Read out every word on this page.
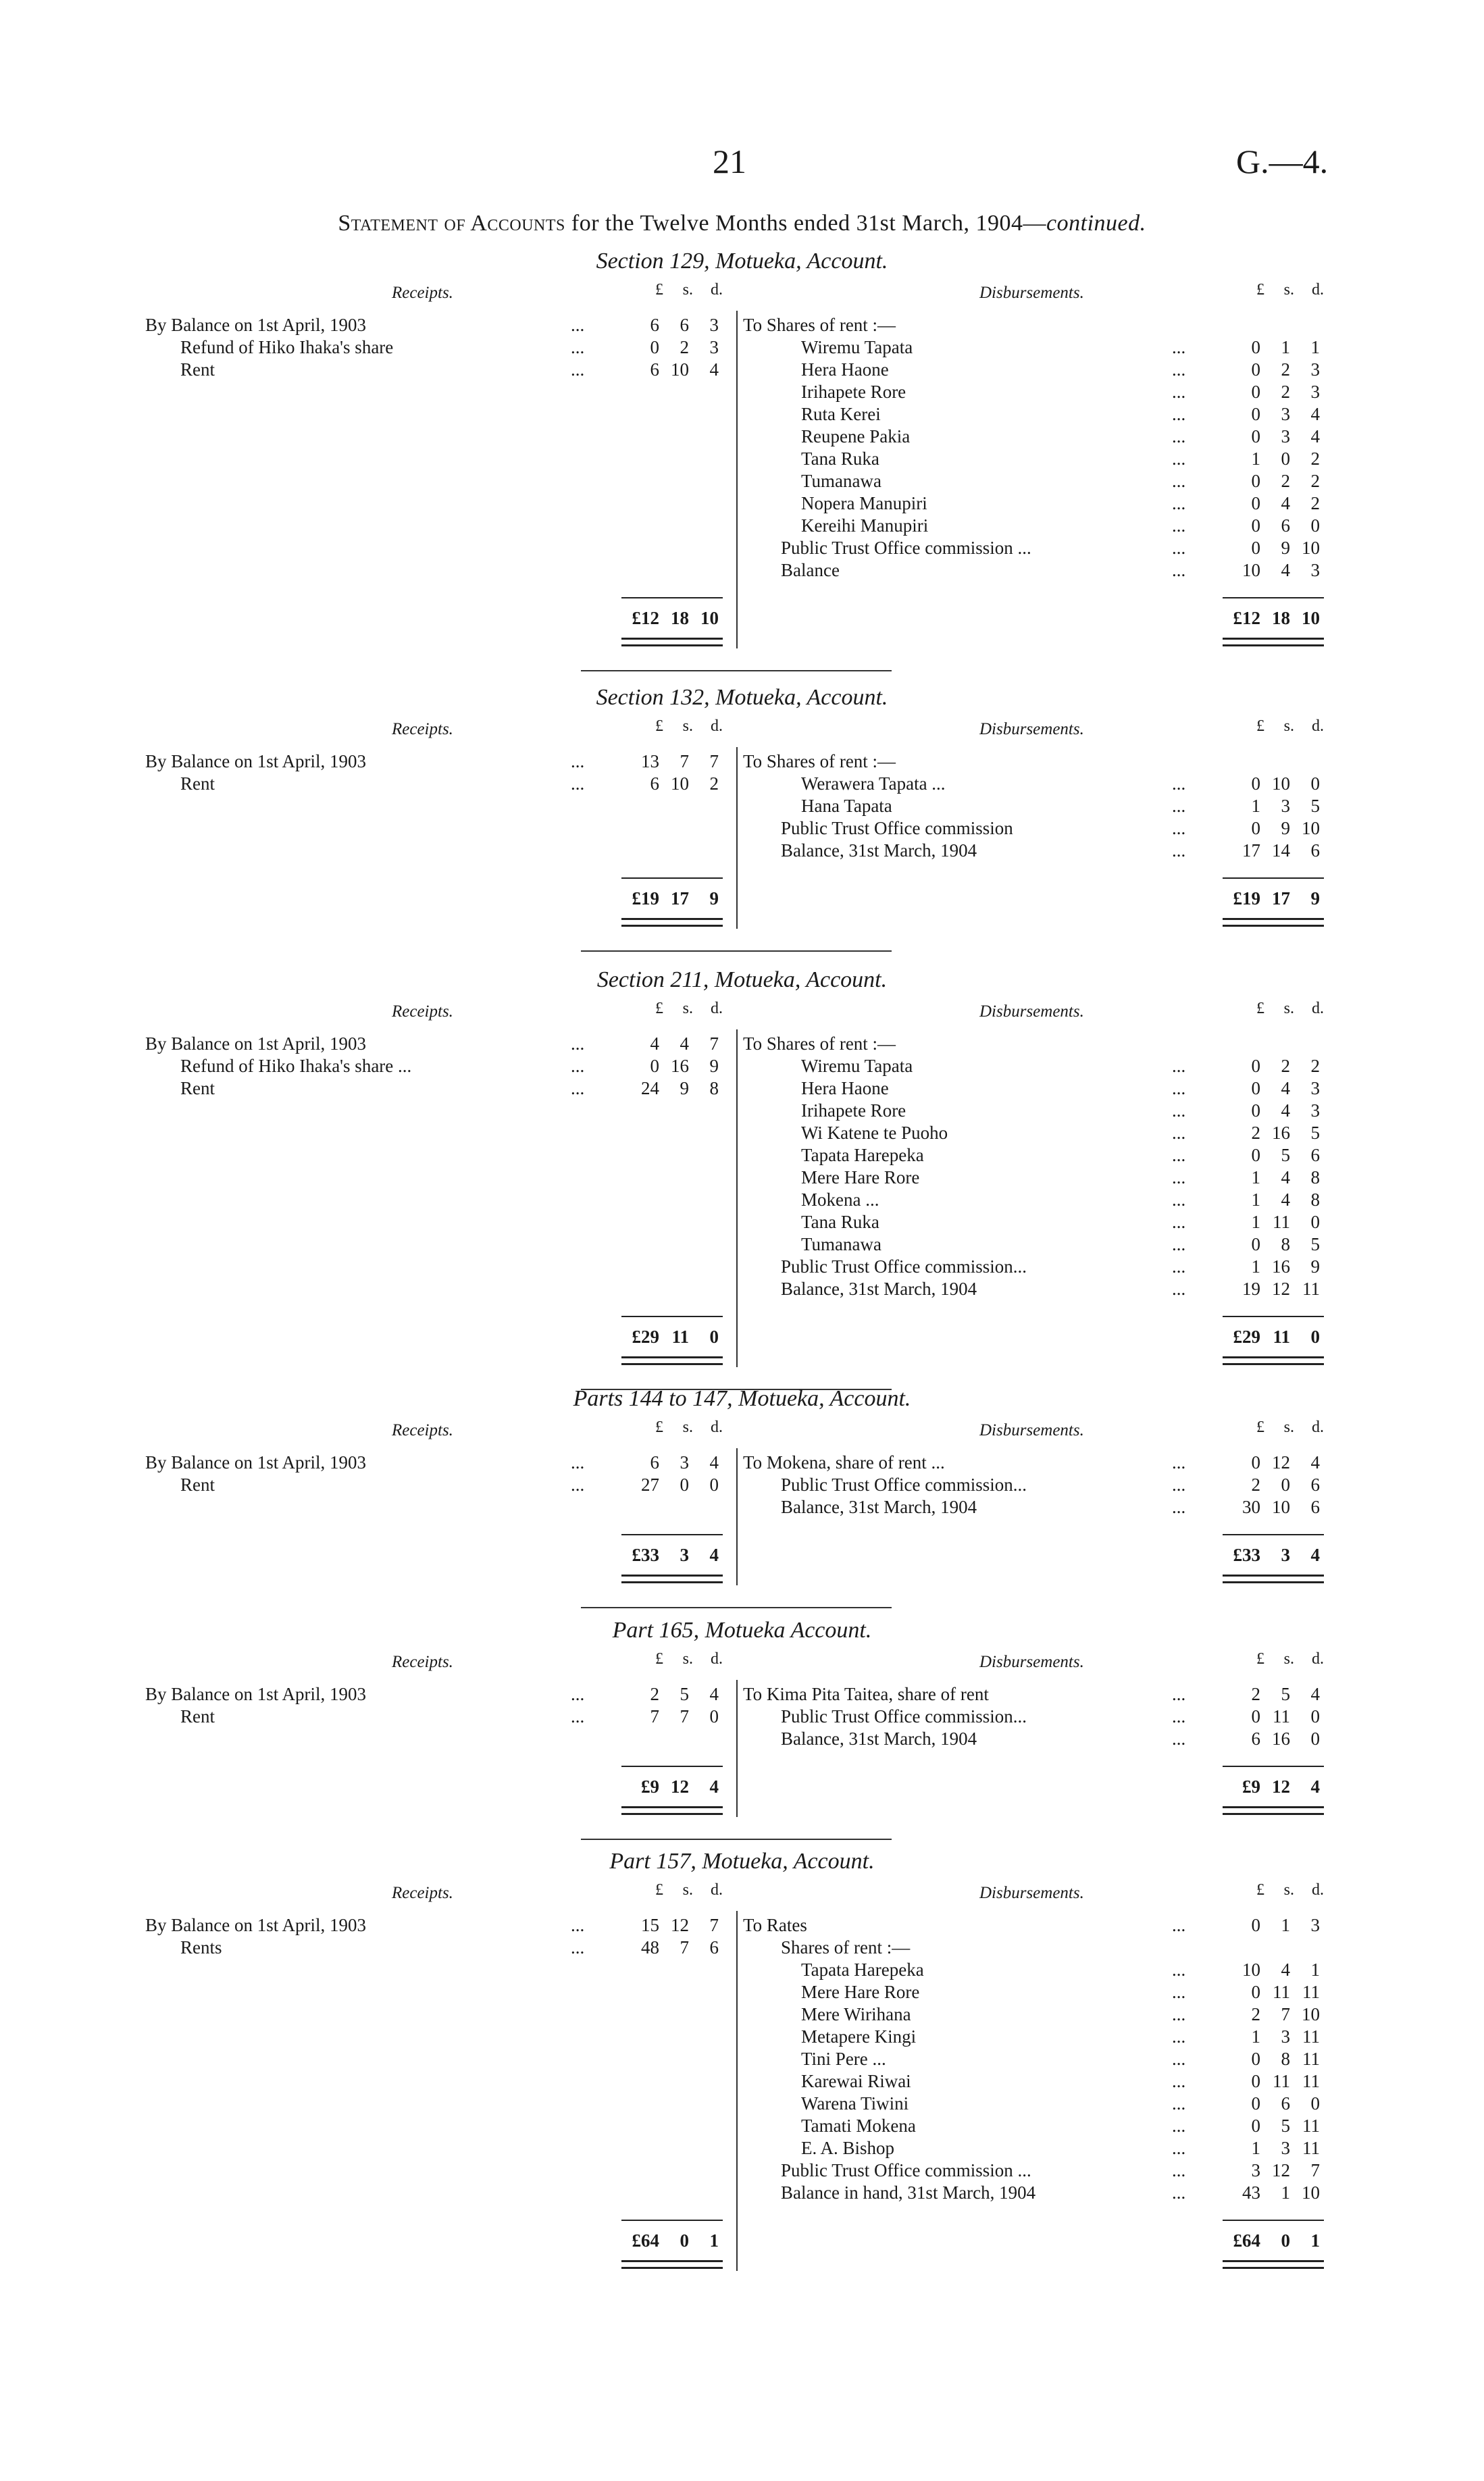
21	G.—4.
Statement of Accounts for the Twelve Months ended 31st March, 1904—continued.
Section 129, Motueka, Account.
Receipts.	Disbursements.
£ s. d.	£ s. d.
By Balance on 1st April, 1903	...	6 6 3
Refund of Hiko Ihaka's share	...	0 2 3
Rent	...	6 10 4
To Shares of rent :—
Wiremu Tapata	...	0 1 1
Hera Haone	...	0 2 3
Irihapete Rore	...	0 2 3
Ruta Kerei	...	0 3 4
Reupene Pakia	...	0 3 4
Tana Ruka	...	1 0 2
Tumanawa	...	0 2 2
Nopera Manupiri	...	0 4 2
Kereihi Manupiri	...	0 6 0
Public Trust Office commission ...	...	0 9 10
Balance	...	10 4 3
£12 18 10	£12 18 10
Section 132, Motueka, Account.
Receipts.	Disbursements.
£ s. d.	£ s. d.
By Balance on 1st April, 1903	...	13 7 7
Rent	...	6 10 2
To Shares of rent :—
Werawera Tapata ...	...	0 10 0
Hana Tapata	...	1 3 5
Public Trust Office commission	...	0 9 10
Balance, 31st March, 1904	...	17 14 6
£19 17 9	£19 17 9
Section 211, Motueka, Account.
Receipts.	Disbursements.
£ s. d.	£ s. d.
By Balance on 1st April, 1903	...	4 4 7
Refund of Hiko Ihaka's share ...	...	0 16 9
Rent	...	24 9 8
To Shares of rent :—
Wiremu Tapata	...	0 2 2
Hera Haone	...	0 4 3
Irihapete Rore	...	0 4 3
Wi Katene te Puoho	...	2 16 5
Tapata Harepeka	...	0 5 6
Mere Hare Rore	...	1 4 8
Mokena ...	...	1 4 8
Tana Ruka	...	1 11 0
Tumanawa	...	0 8 5
Public Trust Office commission...	...	1 16 9
Balance, 31st March, 1904	...	19 12 11
£29 11 0	£29 11 0
Parts 144 to 147, Motueka, Account.
Receipts.	Disbursements.
£ s. d.	£ s. d.
By Balance on 1st April, 1903	...	6 3 4
Rent	...	27 0 0
To Mokena, share of rent ...	...	0 12 4
Public Trust Office commission...	...	2 0 6
Balance, 31st March, 1904	...	30 10 6
£33 3 4	£33 3 4
Part 165, Motueka Account.
Receipts.	Disbursements.
£ s. d.	£ s. d.
By Balance on 1st April, 1903	...	2 5 4
Rent	...	7 7 0
To Kima Pita Taitea, share of rent	...	2 5 4
Public Trust Office commission...	...	0 11 0
Balance, 31st March, 1904	...	6 16 0
£9 12 4	£9 12 4
Part 157, Motueka, Account.
Receipts.	Disbursements.
£ s. d.	£ s. d.
By Balance on 1st April, 1903	...	15 12 7
Rents	...	48 7 6
To Rates	...	0 1 3
Shares of rent :—
Tapata Harepeka	...	10 4 1
Mere Hare Rore	...	0 11 11
Mere Wirihana	...	2 7 10
Metapere Kingi	...	1 3 11
Tini Pere ...	...	0 8 11
Karewai Riwai	...	0 11 11
Warena Tiwini	...	0 6 0
Tamati Mokena	...	0 5 11
E. A. Bishop	...	1 3 11
Public Trust Office commission ...	...	3 12 7
Balance in hand, 31st March, 1904	...	43 1 10
£64 0 1	£64 0 1
